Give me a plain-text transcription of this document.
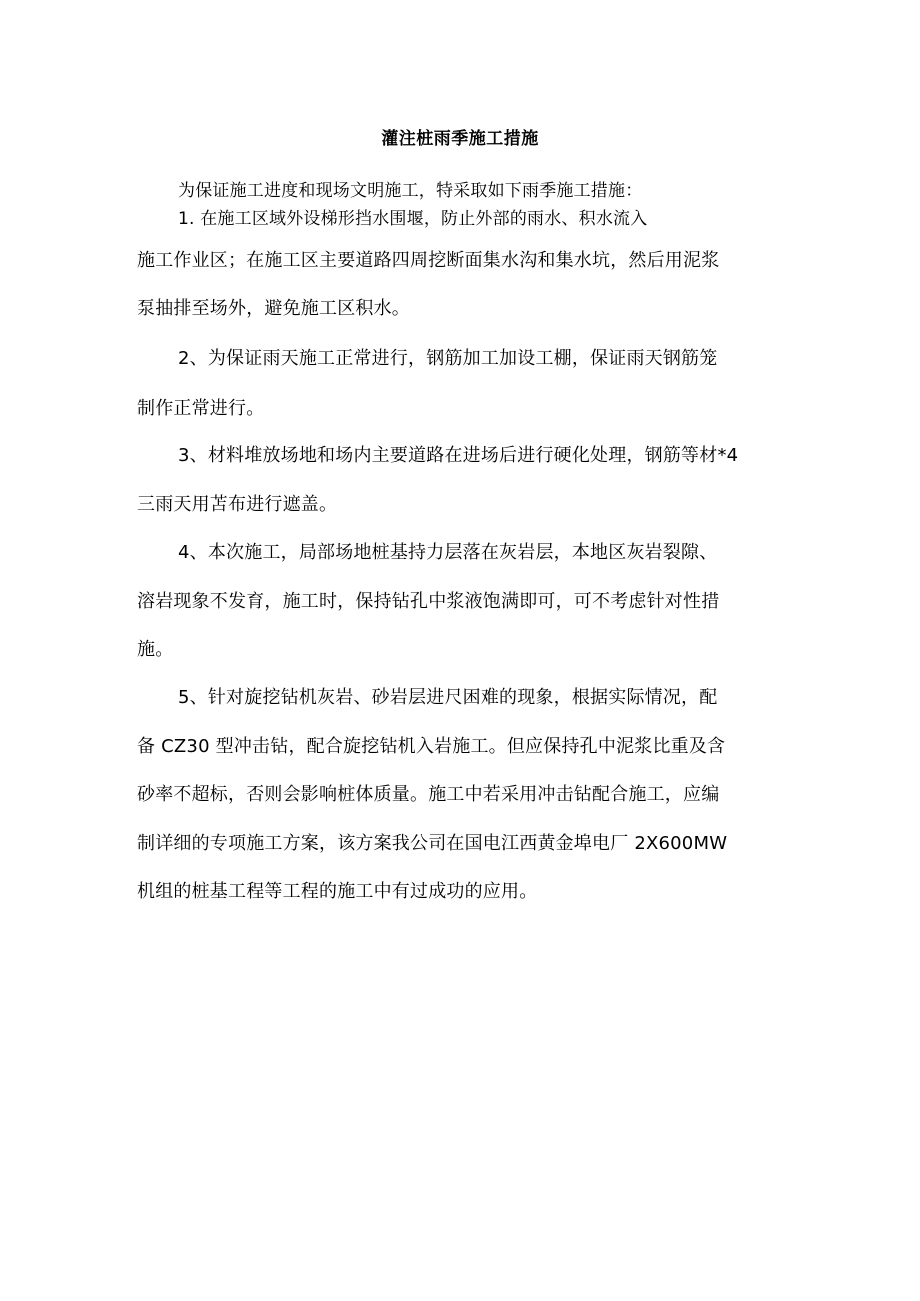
灌注桩雨季施工措施
为保证施工进度和现场文明施工，特采取如下雨季施工措施：
1. 在施工区域外设梯形挡水围堰，防止外部的雨水、积水流入
施工作业区；在施工区主要道路四周挖断面集水沟和集水坑，然后用泥浆
泵抽排至场外，避免施工区积水。
2、为保证雨天施工正常进行，钢筋加工加设工棚，保证雨天钢筋笼
制作正常进行。
3、材料堆放场地和场内主要道路在进场后进行硬化处理，钢筋等材*4
三雨天用苫布进行遮盖。
4、本次施工，局部场地桩基持力层落在灰岩层，本地区灰岩裂隙、
溶岩现象不发育，施工时，保持钻孔中浆液饱满即可，可不考虑针对性措
施。
5、针对旋挖钻机灰岩、砂岩层进尺困难的现象，根据实际情况，配
备 CZ30 型冲击钻，配合旋挖钻机入岩施工。但应保持孔中泥浆比重及含
砂率不超标，否则会影响桩体质量。施工中若采用冲击钻配合施工，应编
制详细的专项施工方案，该方案我公司在国电江西黄金埠电厂 2X600MW
机组的桩基工程等工程的施工中有过成功的应用。
